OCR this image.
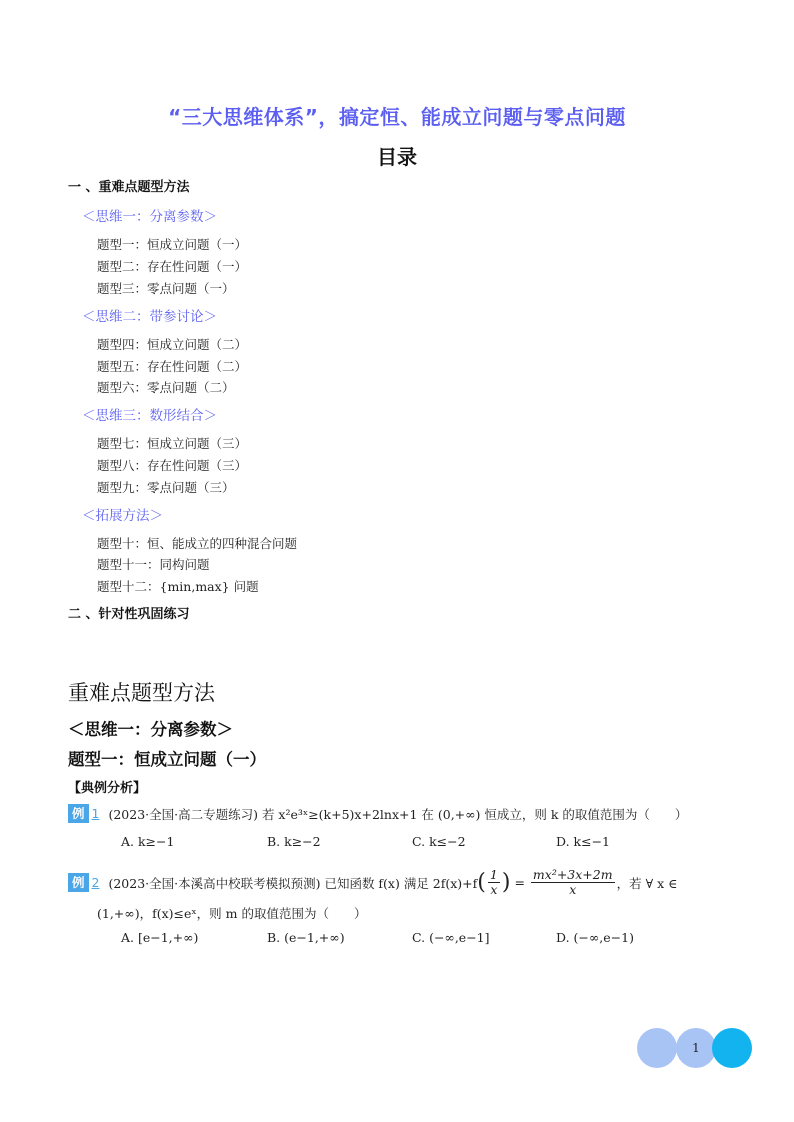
“三大思维体系”，搞定恒、能成立问题与零点问题
目录
一 、重难点题型方法
＜思维一：分离参数＞
题型一：恒成立问题（一）
题型二：存在性问题（一）
题型三：零点问题（一）
＜思维二：带参讨论＞
题型四：恒成立问题（二）
题型五：存在性问题（二）
题型六：零点问题（二）
＜思维三：数形结合＞
题型七：恒成立问题（三）
题型八：存在性问题（三）
题型九：零点问题（三）
＜拓展方法＞
题型十：恒、能成立的四种混合问题
题型十一：同构问题
题型十二：{min,max} 问题
二 、针对性巩固练习
重难点题型方法
＜思维一：分离参数＞
题型一：恒成立问题（一）
【典例分析】
例 1 (2023·全国·高二专题练习) 若 x²e³ˣ≥(k+5)x+2lnx+1 在 (0,+∞) 恒成立，则 k 的取值范围为（　　）
A. k≥−1	B. k≥−2	C. k≤−2	D. k≤−1
例 2 (2023·全国·本溪高中校联考模拟预测) 已知函数 f(x) 满足 2f(x)+f ( $\frac{1}{x}$ ) = $\frac{\text{mx²+3x+2m}}{x}$ ，若 ∀ x ∈
(1,+∞)，f(x)≤eˣ，则 m 的取值范围为（　　）
A. [e−1,+∞)	B. (e−1,+∞)	C. (−∞,e−1]	D. (−∞,e−1)
1
